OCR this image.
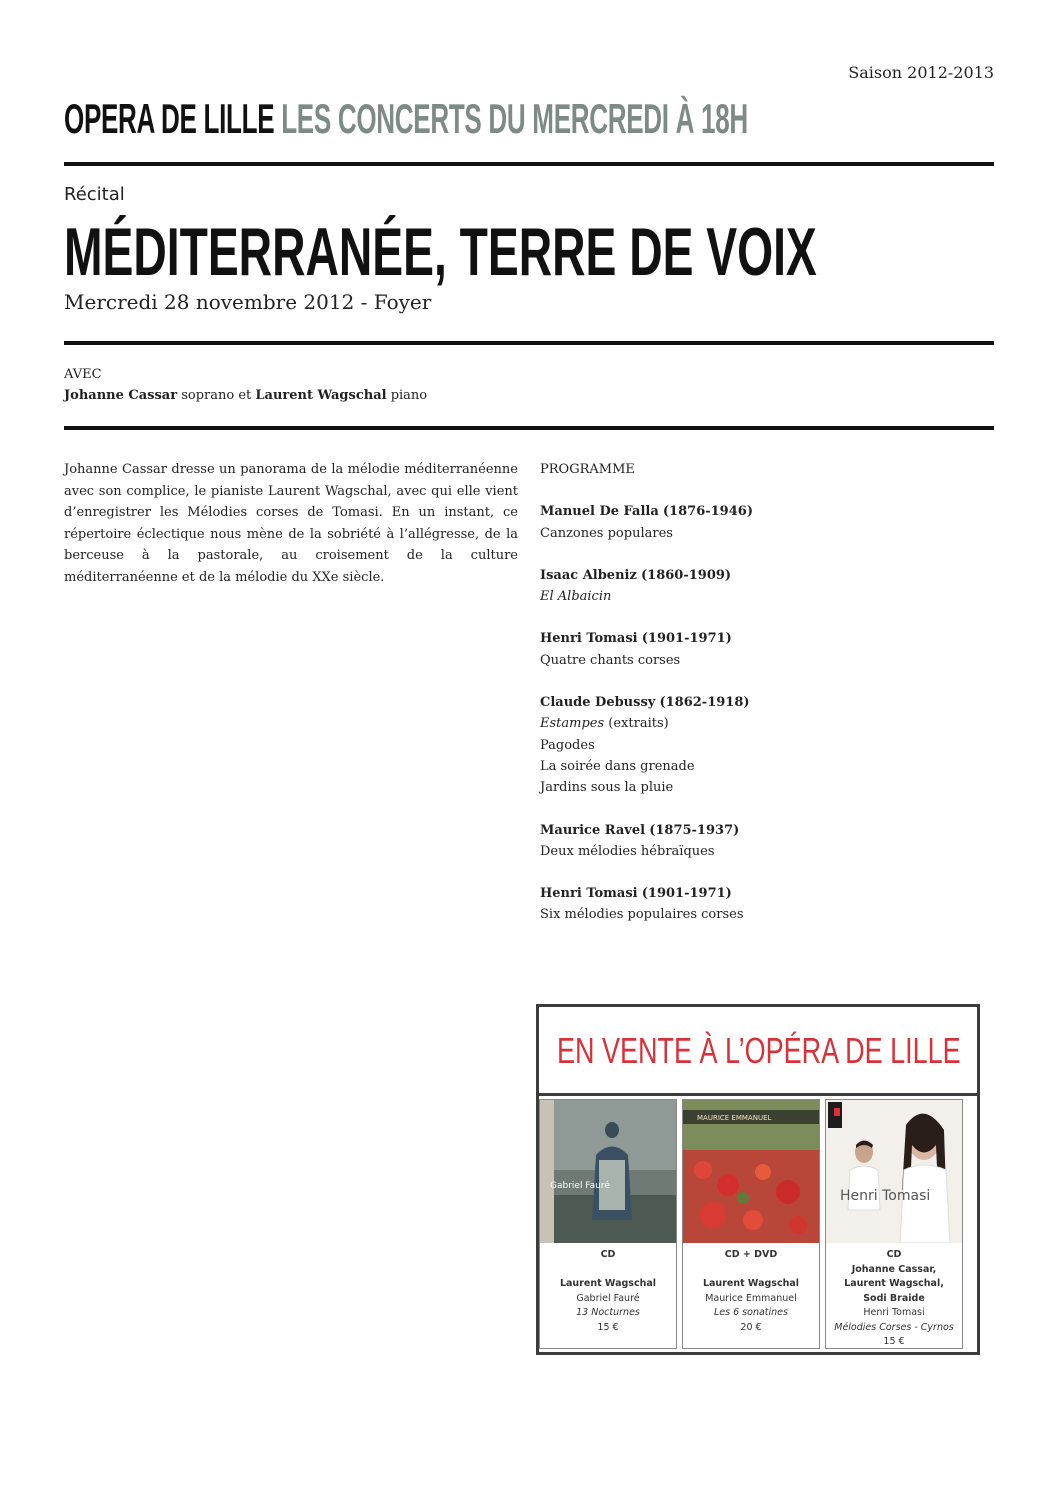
Saison 2012-2013
OPERA DE LILLE LES CONCERTS DU MERCREDI À 18H
Récital
MÉDITERRANÉE, TERRE DE VOIX
Mercredi 28 novembre 2012 - Foyer
AVEC
Johanne Cassar soprano et Laurent Wagschal piano
Johanne Cassar dresse un panorama de la mélodie méditerranéenne avec son complice, le pianiste Laurent Wagschal, avec qui elle vient d’enregistrer les Mélodies corses de Tomasi. En un instant, ce répertoire éclectique nous mène de la sobriété à l’allégresse, de la berceuse à la pastorale, au croisement de la culture méditerranéenne et de la mélodie du XXe siècle.
PROGRAMME
Manuel De Falla (1876-1946)
Canzones populares
Isaac Albeniz (1860-1909)
El Albaicin
Henri Tomasi (1901-1971)
Quatre chants corses
Claude Debussy (1862-1918)
Estampes (extraits)
Pagodes
La soirée dans grenade
Jardins sous la pluie
Maurice Ravel (1875-1937)
Deux mélodies hébraïques
Henri Tomasi (1901-1971)
Six mélodies populaires corses
EN VENTE À L’OPÉRA DE LILLE
Gabriel Fauré
CD

Laurent Wagschal
Gabriel Fauré
13 Nocturnes
15 €
MAURICE EMMANUEL
CD + DVD

Laurent Wagschal
Maurice Emmanuel
Les 6 sonatines
20 €
Henri Tomasi
CD
Johanne Cassar,
Laurent Wagschal,
Sodi Braide
Henri Tomasi
Mélodies Corses - Cyrnos
15 €
